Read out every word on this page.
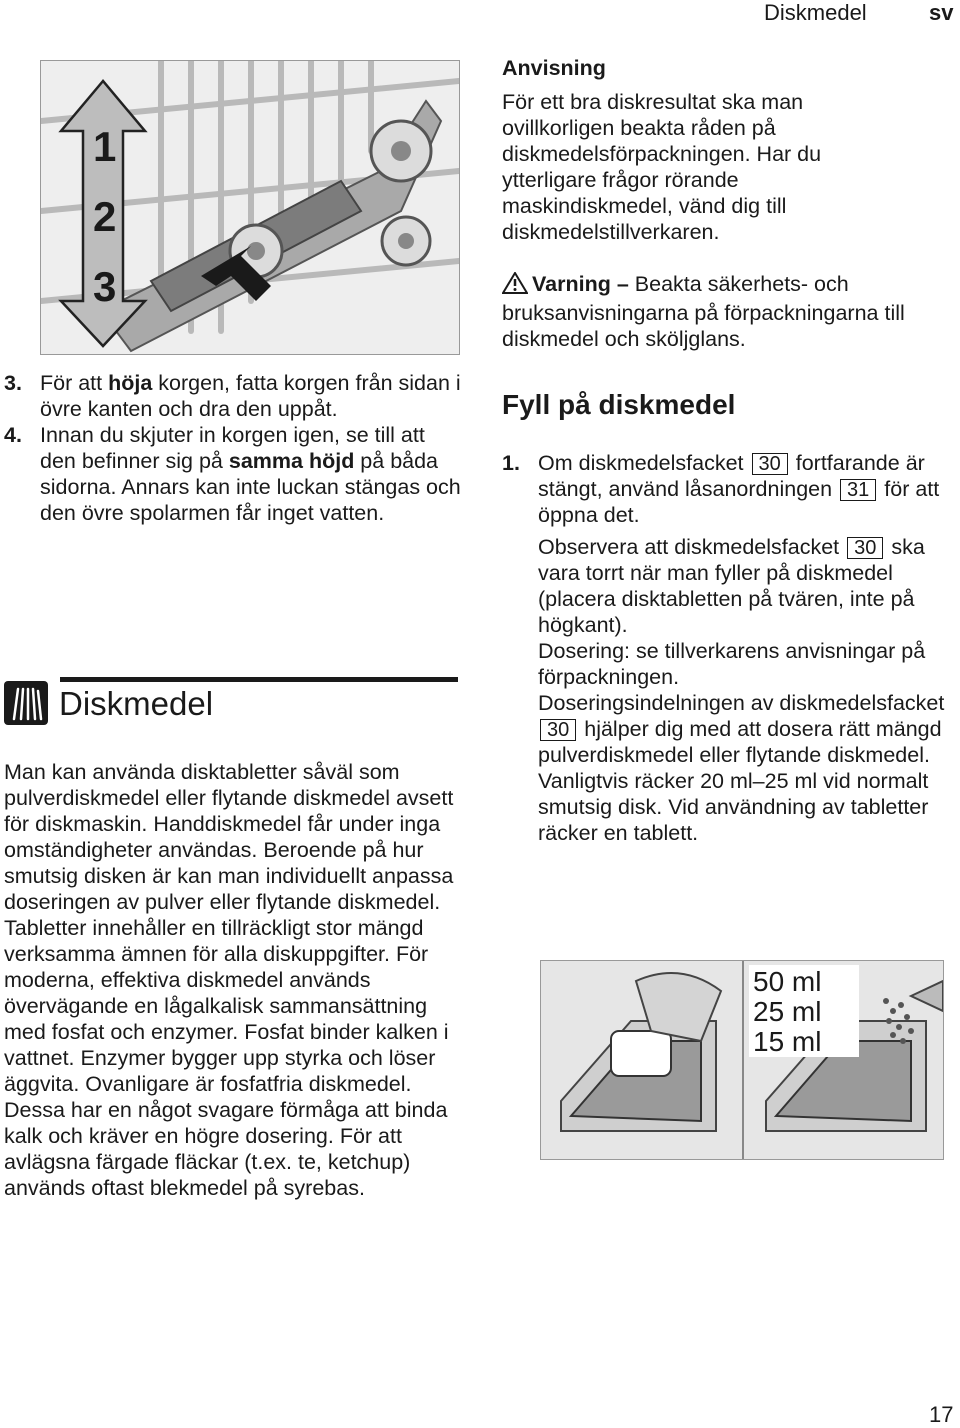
Diskmedel	sv
1
2
3
3. För att höja korgen, fatta korgen från sidan i övre kanten och dra den uppåt.
4. Innan du skjuter in korgen igen, se till att den befinner sig på samma höjd på båda sidorna. Annars kan inte luckan stängas och den övre spolarmen får inget vatten.
Diskmedel
Man kan använda disktabletter såväl som pulverdiskmedel eller flytande diskmedel avsett för diskmaskin. Handdiskmedel får under inga omständigheter användas. Beroende på hur smutsig disken är kan man individuellt anpassa doseringen av pulver eller flytande diskmedel. Tabletter innehåller en tillräckligt stor mängd verksamma ämnen för alla diskuppgifter. För moderna, effektiva diskmedel används övervägande en lågalkalisk sammansättning med fosfat och enzymer. Fosfat binder kalken i vattnet. Enzymer bygger upp styrka och löser äggvita. Ovanligare är fosfatfria diskmedel. Dessa har en något svagare förmåga att binda kalk och kräver en högre dosering. För att avlägsna färgade fläckar (t.ex. te, ketchup) används oftast blekmedel på syrebas.
Anvisning
För ett bra diskresultat ska man ovillkorligen beakta råden på diskmedelsförpackningen. Har du ytterligare frågor rörande maskindiskmedel, vänd dig till diskmedelstillverkaren.
Varning – Beakta säkerhets- och bruksanvisningarna på förpackningarna till diskmedel och sköljglans.
Fyll på diskmedel
1. Om diskmedelsfacket 30 fortfarande är stängt, använd låsanordningen 31 för att öppna det.
Observera att diskmedelsfacket 30 ska vara torrt när man fyller på diskmedel (placera disktabletten på tvären, inte på högkant).
Dosering: se tillverkarens anvisningar på förpackningen.
Doseringsindelningen av diskmedelsfacket 30 hjälper dig med att dosera rätt mängd pulverdiskmedel eller flytande diskmedel.
Vanligtvis räcker 20 ml–25 ml vid normalt smutsig disk. Vid användning av tabletter räcker en tablett.
50 ml
25 ml
15 ml
17
